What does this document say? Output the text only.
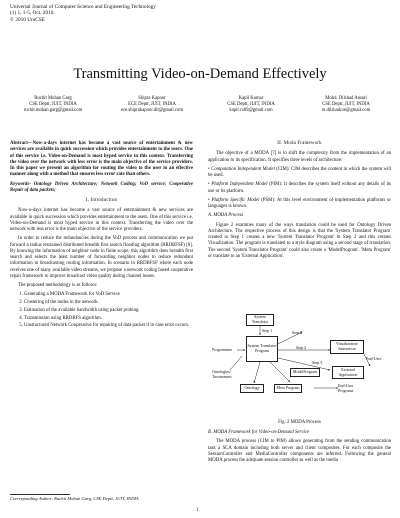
Universal Journal of Computer Science and Engineering Technology
(1) 1, 1-5, Oct. 2010.
© 2010 UniCSE
Transmitting Video-on-Demand Effectively
Ruchit Mohan Garg
CSE Deptt, JUIT, INDIA
ruchit.mohan.garg@gmail.com
Shipra Kapoor
ECE Deptt, JUIT, INDIA
ece.shiprakapoor.dit@gmail.com
Kapil Kumar
CSE Deptt, JUIT, INDIA
kapil.cs89@gmail.com
Mohd. Dilshad Ansari
CSE Deptt, JUIT, INDIA
m.dilshadcse@gmail.com

Abstract—Now-a-days internet has become a vast source of entertainment & new services are available in quick succession which provides entertainment to the users. One of this service i.e. Video-on-Demand is most hyped service in this context. Transferring the video over the network with less error is the main objective of the service providers. In this paper we present an algorithm for routing the video to the user in an effective manner along with a method that ensures less error rate than others.

Keywords- Ontology Driven Architecture; Network Coding; VoD service; Cooperative Repair of data packets;

I. Introduction

Now-a-days internet has become a vast source of entertainment & new services are available in quick succession which provides entertainment to the users. One of this service i.e. Video-on-Demand is most hyped service in this context. Transferring the video over the network with less error is the main objective of the service providers.

In order to reduce the redundancies during the VoD process and communication we put forward a radius restrained distributed breadth first search flooding algorithm (RRDBFSF) [8]. By knowing the information of neighbor node in finite scope, this algorithm does breadth first search and selects the least number of forwarding neighbor nodes to reduce redundant information in broadcasting routing information. In scenario in RRDBFSF where each node receives one of many available video streams, we propose a network coding based cooperative repair framework to improve broadcast video quality during channel losses.

The proposed methodology is as follows:

1. Generating a MODA Framework for VoD Service
2. Clustering of the nodes in the network.
3. Estimation of the available bandwidth using packet probing.
4. Transmission using RRDBFS algorithm.
5. Unstructured Network Cooperative for repairing of data packet if in case error occurs.
II. Moda Framework

The objective of a MODA [7] is to shift the complexity from the implementation of an application to its specification. It specifies three levels of architecture:

• Computation Independent Model (CIM): CIM describes the content in which the system will be used.

• Platform Independent Model (PIM): It describes the system itself without any details of its use or its platform.

• Platform Specific Model (PSM): At this level environment of implementation platforms or languages is known.

A. MODA Process

Figure 2 examines many of the ways translation could be used for Ontology Driven Architecture. The respective process of this design is that the 'System Translator Program' created in Step 1 creates a new 'System Translator Program' in Step 2 and this creates Visualization. The program is translated to a style diagram using a second stage of translation. The second 'System Translator Program' could also create a 'ModelProgram'. 'Meta Program' or translate to an 'External Application'.

System Translator
Programmer
System Translator Program
Visualization/ Interaction
End-User
External Application
Ontologies/ Taxonomies
Ontology	Meta Program
ModelProgram
End-User Programs
Step 1
Step 2
Step 3
Step 3
Fig. 2 MODA Process
B. MODA Framework for Video-on-Demand Service

The MODA process (CIM to PIM) allows generating from the sending communication task a SCA domain including both server and client composites. For each composite the SessionController and MediaController components are inferred. Following the general MODA process the adequate session controller as well as the media

Corresponding Author: Ruchit Mohan Garg, CSE Deptt, JUIT, INDIA
1
